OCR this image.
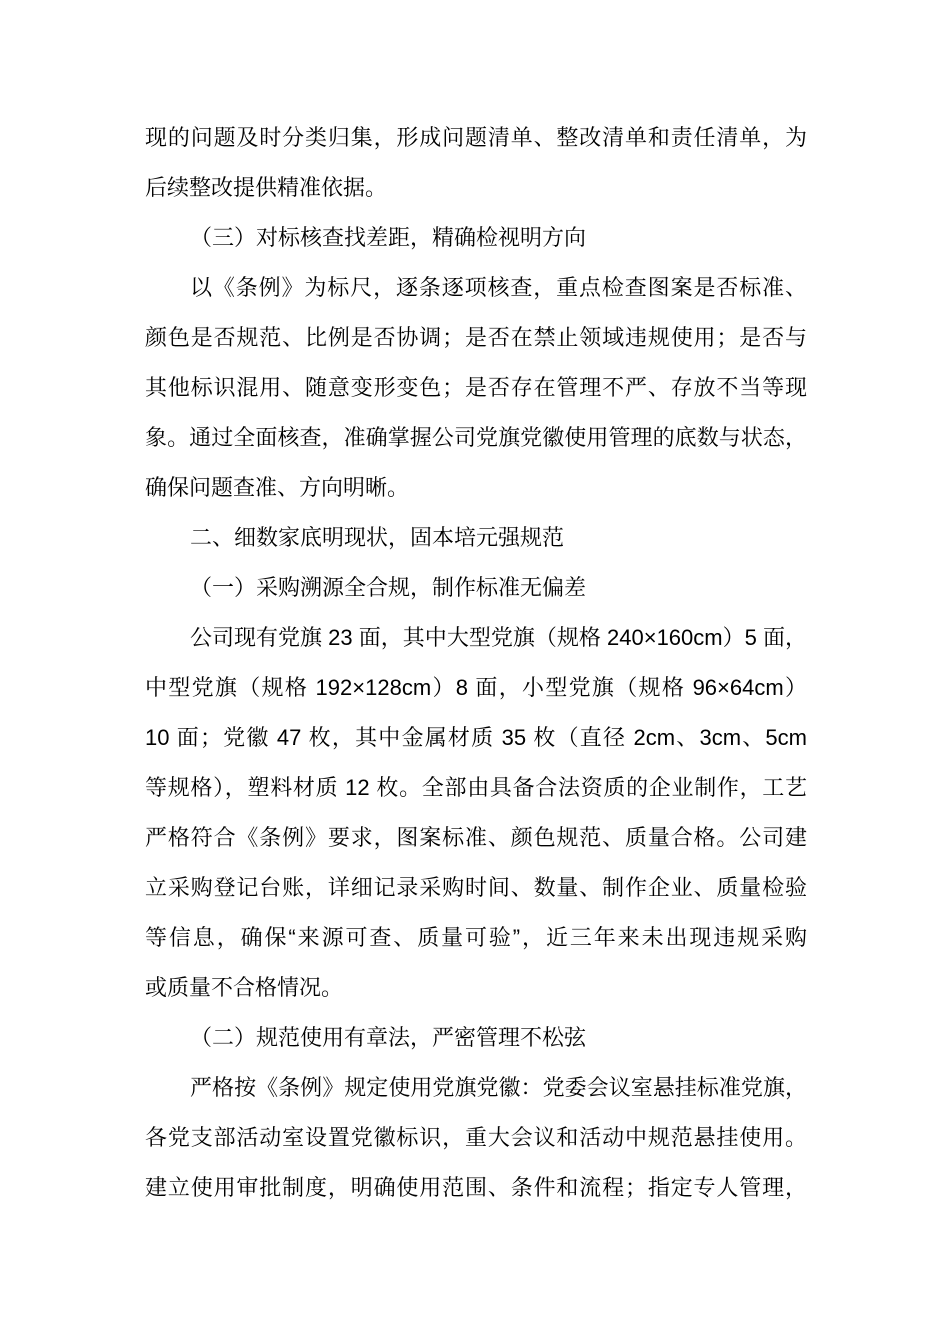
现的问题及时分类归集，形成问题清单、整改清单和责任清单，为
后续整改提供精准依据。
（三）对标核查找差距，精确检视明方向
以《条例》为标尺，逐条逐项核查，重点检查图案是否标准、
颜色是否规范、比例是否协调；是否在禁止领域违规使用；是否与
其他标识混用、随意变形变色；是否存在管理不严、存放不当等现
象。通过全面核查，准确掌握公司党旗党徽使用管理的底数与状态，
确保问题查准、方向明晰。
二、细数家底明现状，固本培元强规范
（一）采购溯源全合规，制作标准无偏差
公司现有党旗 23 面，其中大型党旗（规格 240×160cm）5 面，
中型党旗（规格 192×128cm）8 面，小型党旗（规格 96×64cm）
10 面；党徽 47 枚，其中金属材质 35 枚（直径 2cm、3cm、5cm
等规格），塑料材质 12 枚。全部由具备合法资质的企业制作，工艺
严格符合《条例》要求，图案标准、颜色规范、质量合格。公司建
立采购登记台账，详细记录采购时间、数量、制作企业、质量检验
等信息，确保“来源可查、质量可验”，近三年来未出现违规采购
或质量不合格情况。
（二）规范使用有章法，严密管理不松弦
严格按《条例》规定使用党旗党徽：党委会议室悬挂标准党旗，
各党支部活动室设置党徽标识，重大会议和活动中规范悬挂使用。
建立使用审批制度，明确使用范围、条件和流程；指定专人管理，
